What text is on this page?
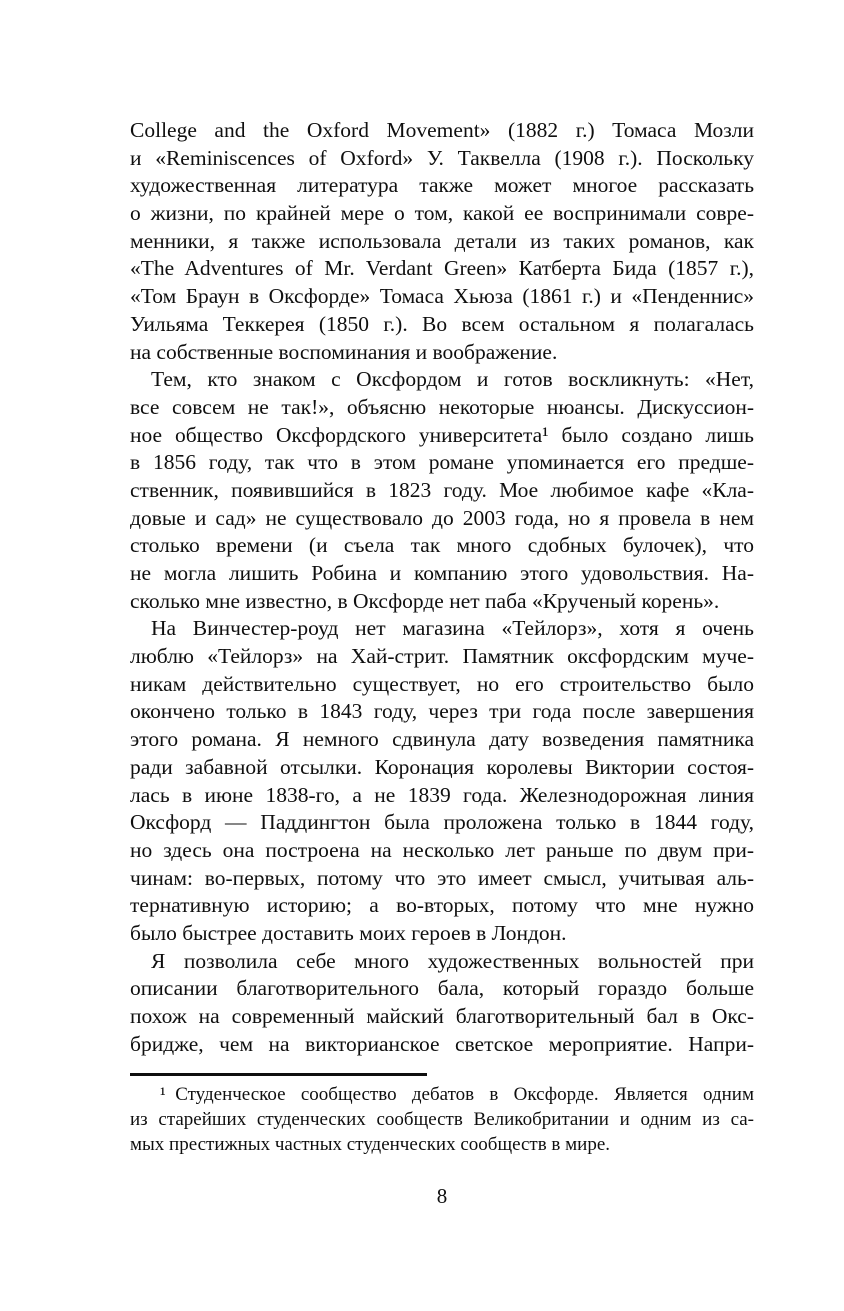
College and the Oxford Movement» (1882 г.) Томаса Мозли
и «Reminiscences of Oxford» У. Таквелла (1908 г.). Поскольку
художественная литература также может многое рассказать
о жизни, по крайней мере о том, какой ее воспринимали совре-
менники, я также использовала детали из таких романов, как
«The Adventures of Mr. Verdant Green» Катберта Бида (1857 г.),
«Том Браун в Оксфорде» Томаса Хьюза (1861 г.) и «Пенденнис»
Уильяма Теккерея (1850 г.). Во всем остальном я полагалась
на собственные воспоминания и воображение.
Тем, кто знаком с Оксфордом и готов воскликнуть: «Нет,
все совсем не так!», объясню некоторые нюансы. Дискуссион-
ное общество Оксфордского университета¹ было создано лишь
в 1856 году, так что в этом романе упоминается его предше-
ственник, появившийся в 1823 году. Мое любимое кафе «Кла-
довые и сад» не существовало до 2003 года, но я провела в нем
столько времени (и съела так много сдобных булочек), что
не могла лишить Робина и компанию этого удовольствия. На-
сколько мне известно, в Оксфорде нет паба «Крученый корень».
На Винчестер-роуд нет магазина «Тейлорз», хотя я очень
люблю «Тейлорз» на Хай-стрит. Памятник оксфордским муче-
никам действительно существует, но его строительство было
окончено только в 1843 году, через три года после завершения
этого романа. Я немного сдвинула дату возведения памятника
ради забавной отсылки. Коронация королевы Виктории состоя-
лась в июне 1838-го, а не 1839 года. Железнодорожная линия
Оксфорд — Паддингтон была проложена только в 1844 году,
но здесь она построена на несколько лет раньше по двум при-
чинам: во-первых, потому что это имеет смысл, учитывая аль-
тернативную историю; а во-вторых, потому что мне нужно
было быстрее доставить моих героев в Лондон.
Я позволила себе много художественных вольностей при
описании благотворительного бала, который гораздо больше
похож на современный майский благотворительный бал в Окс-
бридже, чем на викторианское светское мероприятие. Напри-
¹ Студенческое сообщество дебатов в Оксфорде. Является одним
из старейших студенческих сообществ Великобритании и одним из са-
мых престижных частных студенческих сообществ в мире.
8
